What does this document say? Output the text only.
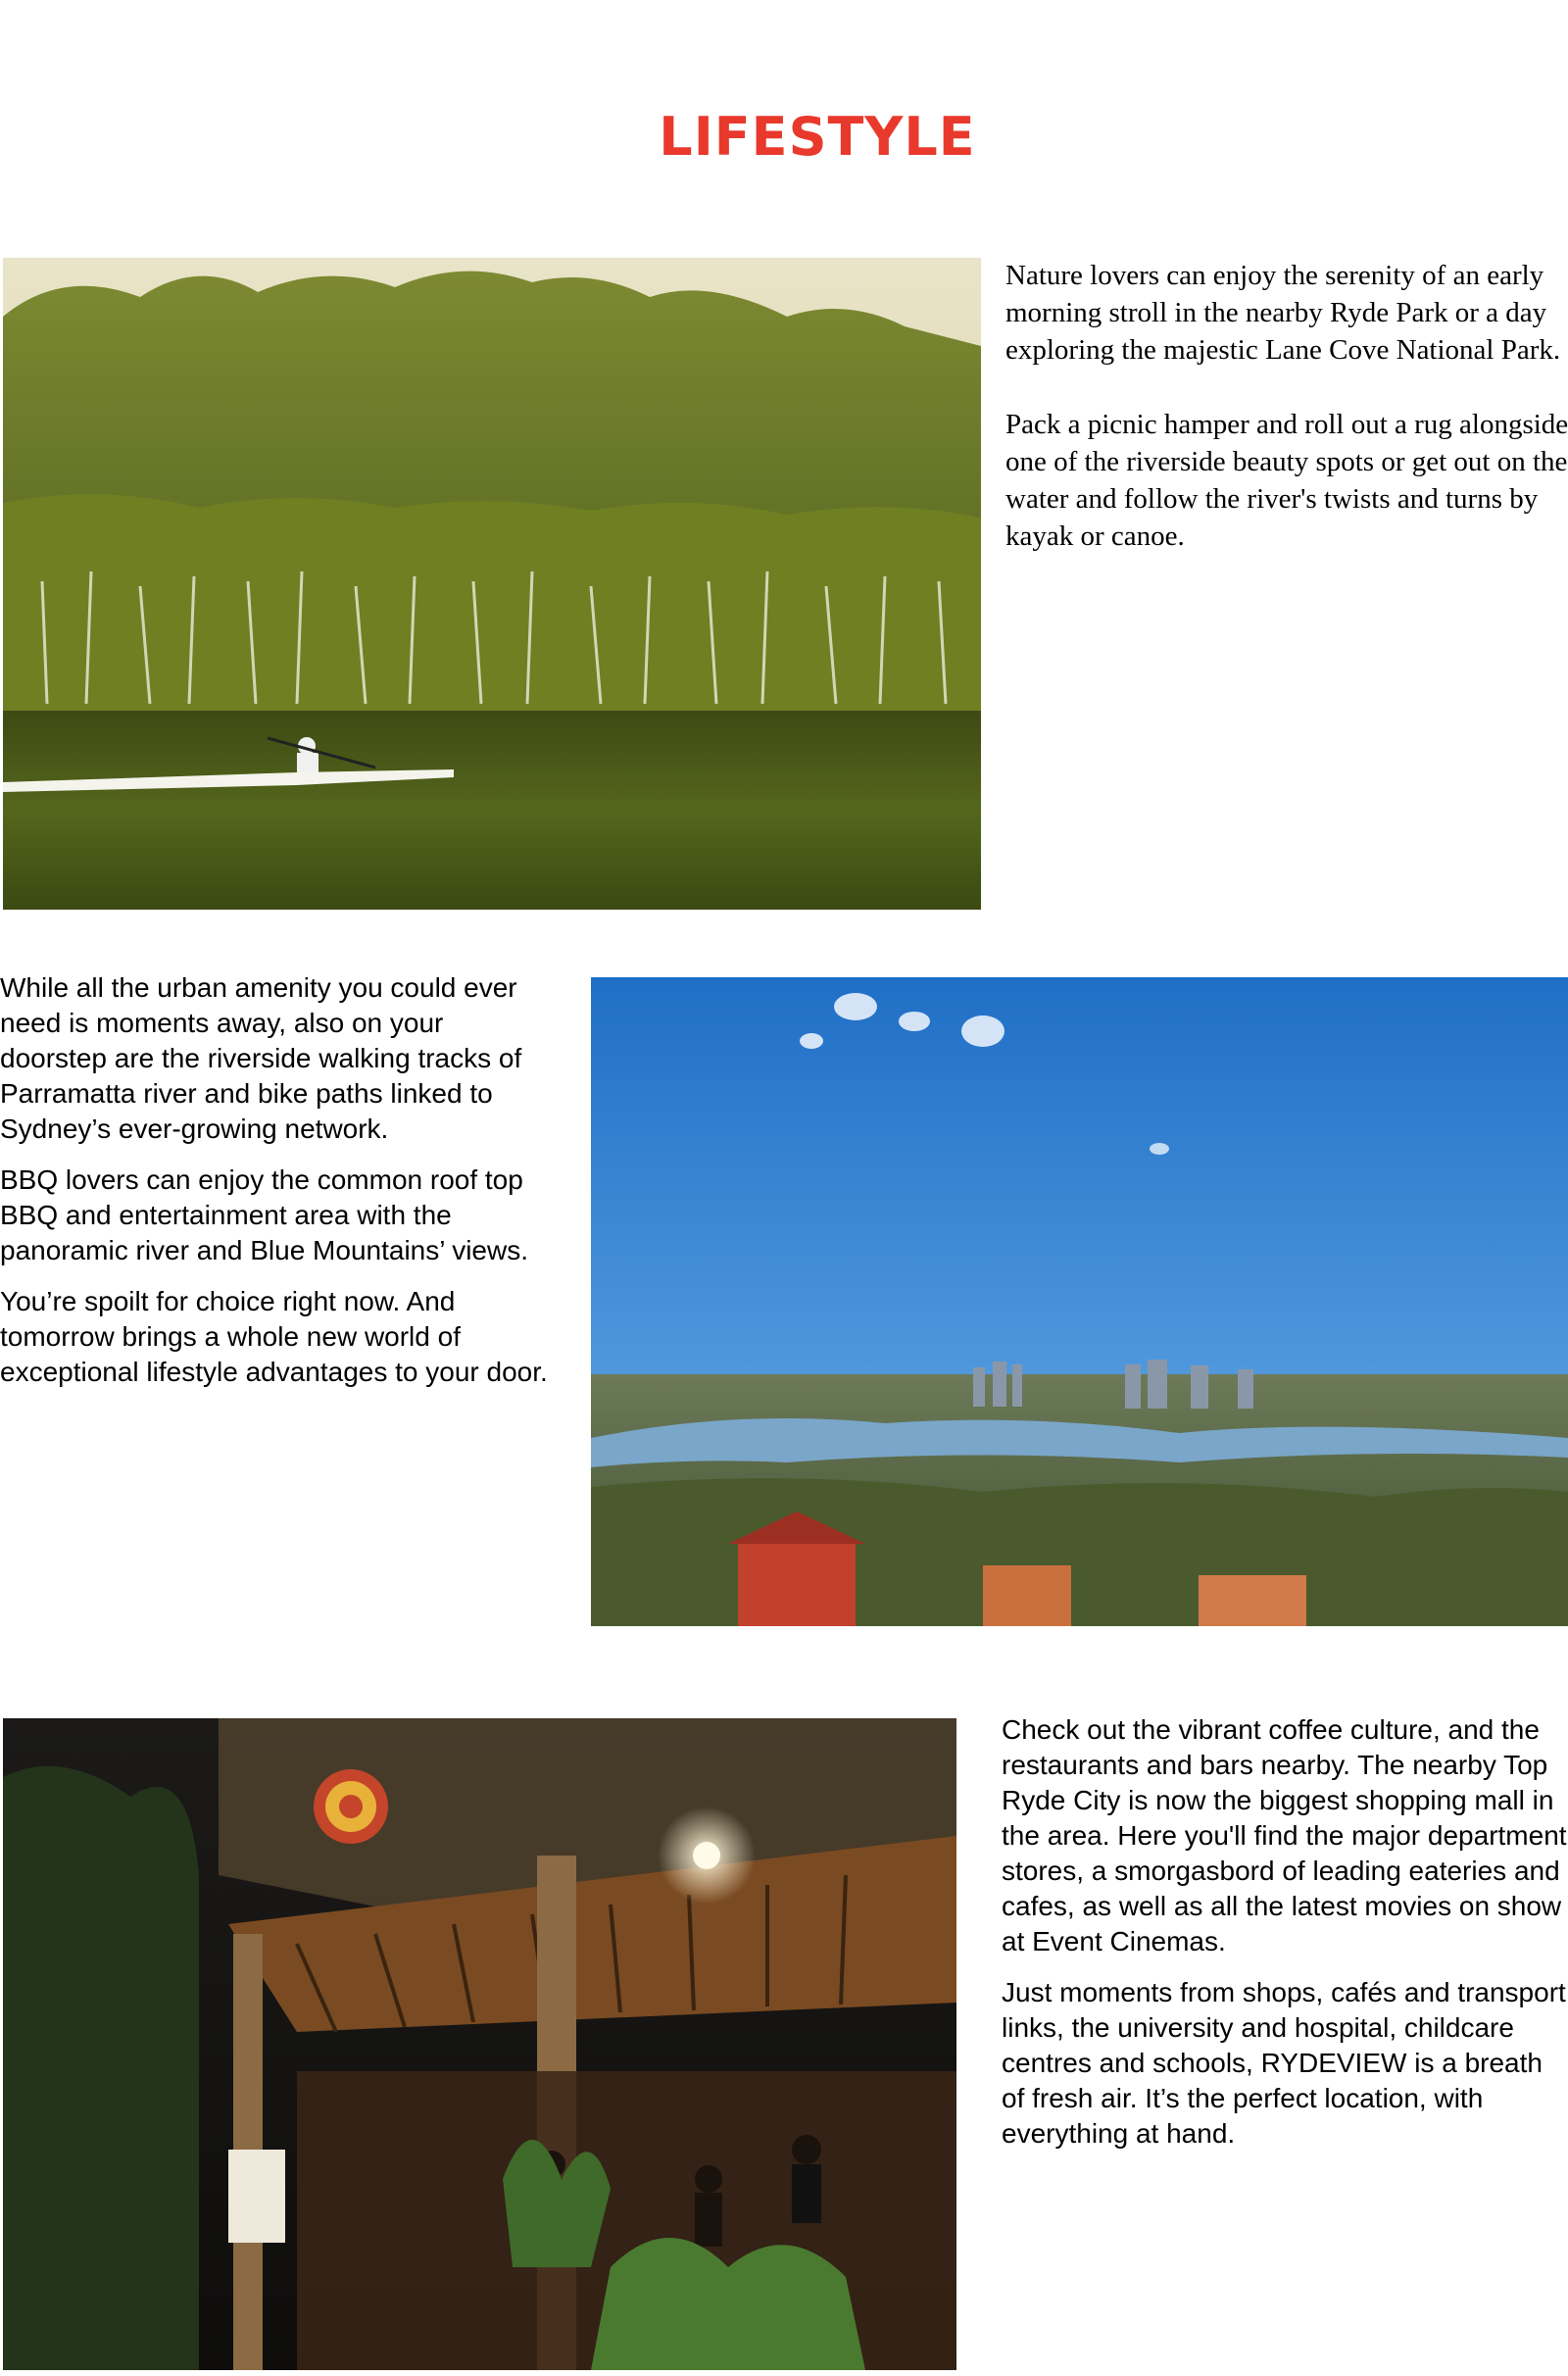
LIFESTYLE

Nature lovers can enjoy the serenity of an early morning stroll in the nearby Ryde Park or a day exploring the majestic Lane Cove National Park.

Pack a picnic hamper and roll out a rug alongside one of the riverside beauty spots or get out on the water and follow the river's twists and turns by kayak or canoe.

While all the urban amenity you could ever need is moments away, also on your doorstep are the riverside walking tracks of Parramatta river and bike paths linked to Sydney’s ever-growing network.

BBQ lovers can enjoy the common roof top BBQ and entertainment area with the panoramic river and Blue Mountains’ views.

You’re spoilt for choice right now. And tomorrow brings a whole new world of exceptional lifestyle advantages to your door.

Check out the vibrant coffee culture, and the restaurants and bars nearby. The nearby Top Ryde City is now the biggest shopping mall in the area. Here you'll find the major department stores, a smorgasbord of leading eateries and cafes, as well as all the latest movies on show at Event Cinemas.

Just moments from shops, cafés and transport links, the university and hospital, childcare centres and schools, RYDEVIEW is a breath of fresh air. It’s the perfect location, with everything at hand.
